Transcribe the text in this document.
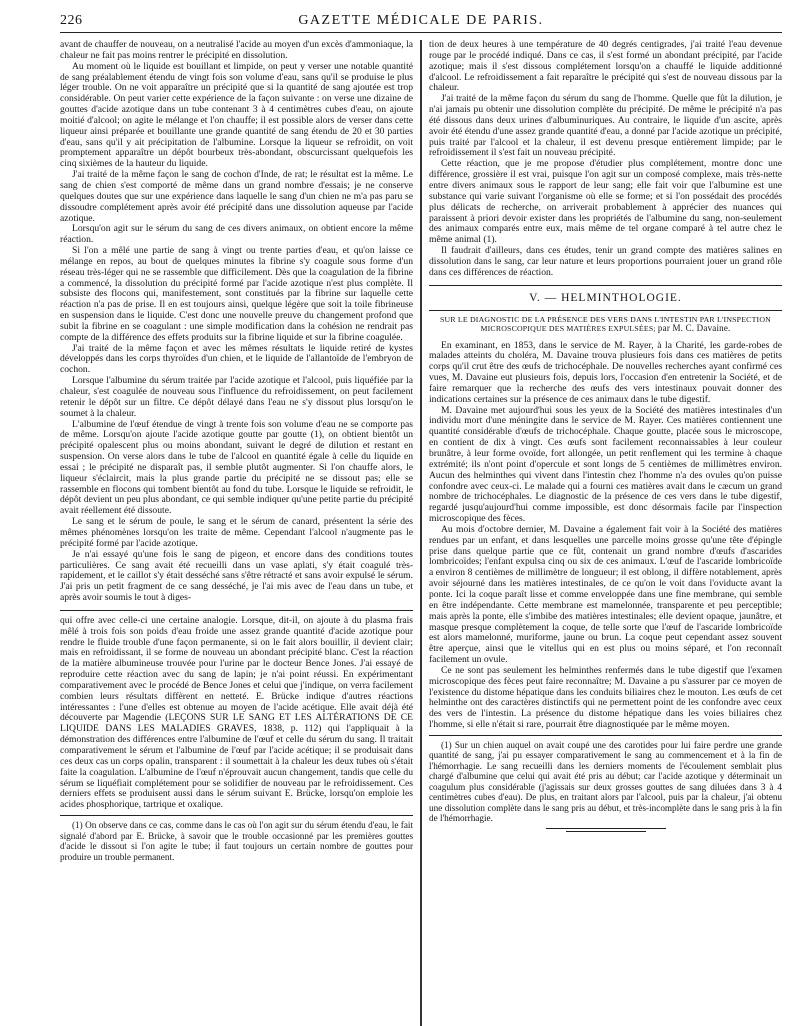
226	GAZETTE MÉDICALE DE PARIS.

avant de chauffer de nouveau, on a neutralisé l'acide au moyen d'un excès d'ammoniaque, la chaleur ne fait pas moins rentrer le précipité en dissolution.

Au moment où le liquide est bouillant et limpide, on peut y verser une notable quantité de sang préalablement étendu de vingt fois son volume d'eau, sans qu'il se produise le plus léger trouble. On ne voit apparaître un précipité que si la quantité de sang ajoutée est trop considérable. On peut varier cette expérience de la façon suivante : on verse une dizaine de gouttes d'acide azotique dans un tube contenant 3 à 4 centimètres cubes d'eau, on ajoute moitié d'alcool; on agite le mélange et l'on chauffe; il est possible alors de verser dans cette liqueur ainsi préparée et bouillante une grande quantité de sang étendu de 20 et 30 parties d'eau, sans qu'il y ait précipitation de l'albumine. Lorsque la liqueur se refroidit, on voit promptement apparaître un dépôt bourbeux très-abondant, obscurcissant quelquefois les cinq sixièmes de la hauteur du liquide.

J'ai traité de la même façon le sang de cochon d'Inde, de rat; le résultat est la même. Le sang de chien s'est comporté de même dans un grand nombre d'essais; je ne conserve quelques doutes que sur une expérience dans laquelle le sang d'un chien ne m'a pas paru se dissoudre complétement après avoir été précipité dans une dissolution aqueuse par l'acide azotique.

Lorsqu'on agit sur le sérum du sang de ces divers animaux, on obtient encore la même réaction.

Si l'on a mêlé une partie de sang à vingt ou trente parties d'eau, et qu'on laisse ce mélange en repos, au bout de quelques minutes la fibrine s'y coagule sous forme d'un réseau très-léger qui ne se rassemble que difficilement. Dès que la coagulation de la fibrine a commencé, la dissolution du précipité formé par l'acide azotique n'est plus complète. Il subsiste des flocons qui, manifestement, sont constitués par la fibrine sur laquelle cette réaction n'a pas de prise. Il en est toujours ainsi, quelque légère que soit la toile fibrineuse en suspension dans le liquide. C'est donc une nouvelle preuve du changement profond que subit la fibrine en se coagulant : une simple modification dans la cohésion ne rendrait pas compte de la différence des effets produits sur la fibrine liquide et sur la fibrine coagulée.

J'ai traité de la même façon et avec les mêmes résultats le liquide retiré de kystes développés dans les corps thyroïdes d'un chien, et le liquide de l'allantoïde de l'embryon de cochon.

Lorsque l'albumine du sérum traitée par l'acide azotique et l'alcool, puis liquéfiée par la chaleur, s'est coagulée de nouveau sous l'influence du refroidissement, on peut facilement retenir le dépôt sur un filtre. Ce dépôt délayé dans l'eau ne s'y dissout plus lorsqu'on le soumet à la chaleur.

L'albumine de l'œuf étendue de vingt à trente fois son volume d'eau ne se comporte pas de même. Lorsqu'on ajoute l'acide azotique goutte par goutte (1), on obtient bientôt un précipité opalescent plus ou moins abondant, suivant le degré de dilution et restant en suspension. On verse alors dans le tube de l'alcool en quantité égale à celle du liquide en essai ; le précipité ne disparaît pas, il semble plutôt augmenter. Si l'on chauffe alors, le liqueur s'éclaircit, mais la plus grande partie du précipité ne se dissout pas; elle se rassemble en flocons qui tombent bientôt au fond du tube. Lorsque le liquide se refroidit, le dépôt devient un peu plus abondant, ce qui semble indiquer qu'une petite partie du précipité avait réellement été dissoute.

Le sang et le sérum de poule, le sang et le sérum de canard, présentent la série des mêmes phénomènes lorsqu'on les traite de même. Cependant l'alcool n'augmente pas le précipité formé par l'acide azotique.

Je n'ai essayé qu'une fois le sang de pigeon, et encore dans des conditions toutes particulières. Ce sang avait été recueilli dans un vase aplati, s'y était coagulé très-rapidement, et le caillot s'y était desséché sans s'être rétracté et sans avoir expulsé le sérum. J'ai pris un petit fragment de ce sang desséché, je l'ai mis avec de l'eau dans un tube, et après avoir soumis le tout à diges-

qui offre avec celle-ci une certaine analogie. Lorsque, dit-il, on ajoute à du plasma frais mêlé à trois fois son poids d'eau froide une assez grande quantité d'acide azotique pour rendre le fluide trouble d'une façon permanente, si on le fait alors bouillir, il devient clair; mais en refroidissant, il se forme de nouveau un abondant précipité blanc. C'est la réaction de la matière albumineuse trouvée pour l'urine par le docteur Bence Jones. J'ai essayé de reproduire cette réaction avec du sang de lapin; je n'ai point réussi. En expérimentant comparativement avec le procédé de Bence Jones et celui que j'indique, on verra facilement combien leurs résultats diffèrent en netteté. E. Brücke indique d'autres réactions intéressantes : l'une d'elles est obtenue au moyen de l'acide acétique. Elle avait déjà été découverte par Magendie (LEÇONS SUR LE SANG ET LES ALTÉRATIONS DE CE LIQUIDE DANS LES MALADIES GRAVES, 1838, p. 112) qui l'appliquait à la démonstration des différences entre l'albumine de l'œuf et celle du sérum du sang. Il traitait comparativement le sérum et l'albumine de l'œuf par l'acide acétique; il se produisait dans ces deux cas un corps opalin, transparent : il soumettait à la chaleur les deux tubes où s'était faite la coagulation. L'albumine de l'œuf n'éprouvait aucun changement, tandis que celle du sérum se liquéfiait complétement pour se solidifier de nouveau par le refroidissement. Ces derniers effets se produisent aussi dans le sérum suivant E. Brücke, lorsqu'on emploie les acides phosphorique, tartrique et oxalique.

(1) On observe dans ce cas, comme dans le cas où l'on agit sur du sérum étendu d'eau, le fait signalé d'abord par E. Brücke, à savoir que le trouble occasionné par les premières gouttes d'acide le dissout si l'on agite le tube; il faut toujours un certain nombre de gouttes pour produire un trouble permanent.

tion de deux heures à une température de 40 degrés centigrades, j'ai traité l'eau devenue rouge par le procédé indiqué. Dans ce cas, il s'est formé un abondant précipité, par l'acide azotique; mais il s'est dissous complétement lorsqu'on a chauffé le liquide additionné d'alcool. Le refroidissement a fait reparaître le précipité qui s'est de nouveau dissous par la chaleur.

J'ai traité de la même façon du sérum du sang de l'homme. Quelle que fût la dilution, je n'ai jamais pu obtenir une dissolution complète du précipité. De même le précipité n'a pas été dissous dans deux urines d'albuminuriques. Au contraire, le liquide d'un ascite, après avoir été étendu d'une assez grande quantité d'eau, a donné par l'acide azotique un précipité, puis traité par l'alcool et la chaleur, il est devenu presque entièrement limpide; par le refroidissement il s'est fait un nouveau précipité.

Cette réaction, que je me propose d'étudier plus complétement, montre donc une différence, grossière il est vrai, puisque l'on agit sur un composé complexe, mais très-nette entre divers animaux sous le rapport de leur sang; elle fait voir que l'albumine est une substance qui varie suivant l'organisme où elle se forme; et si l'on possédait des procédés plus délicats de recherche, on arriverait probablement à apprécier des nuances qui paraissent à priori devoir exister dans les propriétés de l'albumine du sang, non-seulement des animaux comparés entre eux, mais même de tel organe comparé à tel autre chez le même animal (1).

Il faudrait d'ailleurs, dans ces études, tenir un grand compte des matières salines en dissolution dans le sang, car leur nature et leurs proportions pourraient jouer un grand rôle dans ces différences de réaction.

V. — HELMINTHOLOGIE.
SUR LE DIAGNOSTIC DE LA PRÉSENCE DES VERS DANS L'INTESTIN PAR L'INSPECTION MICROSCOPIQUE DES MATIÈRES EXPULSÉES; par M. C. Davaine.

En examinant, en 1853, dans le service de M. Rayer, à la Charité, les garde-robes de malades atteints du choléra, M. Davaine trouva plusieurs fois dans ces matières de petits corps qu'il crut être des œufs de trichocéphale. De nouvelles recherches ayant confirmé ces vues, M. Davaine eut plusieurs fois, depuis lors, l'occasion d'en entretenir la Société, et de faire remarquer que la recherche des œufs des vers intestinaux pouvait donner des indications certaines sur la présence de ces animaux dans le tube digestif.

M. Davaine met aujourd'hui sous les yeux de la Société des matières intestinales d'un individu mort d'une méningite dans le service de M. Rayer. Ces matières contiennent une quantité considérable d'œufs de trichocéphale. Chaque goutte, placée sous le microscope, en contient de dix à vingt. Ces œufs sont facilement reconnaissables à leur couleur brunâtre, à leur forme ovoïde, fort allongée, un petit renflement qui les termine à chaque extrémité; ils n'ont point d'opercule et sont longs de 5 centièmes de millimètres environ. Aucun des helminthes qui vivent dans l'intestin chez l'homme n'a des ovules qu'on puisse confondre avec ceux-ci. Le malade qui a fourni ces matières avait dans le cæcum un grand nombre de trichocéphales. Le diagnostic de la présence de ces vers dans le tube digestif, regardé jusqu'aujourd'hui comme impossible, est donc désormais facile par l'inspection microscopique des fèces.

Au mois d'octobre dernier, M. Davaine a également fait voir à la Société des matières rendues par un enfant, et dans lesquelles une parcelle moins grosse qu'une tête d'épingle prise dans quelque partie que ce fût, contenait un grand nombre d'œufs d'ascarides lombricoïdes; l'enfant expulsa cinq ou six de ces animaux. L'œuf de l'ascaride lombricoïde a environ 8 centièmes de millimètre de longueur; il est oblong, il diffère notablement, après avoir séjourné dans les matières intestinales, de ce qu'on le voit dans l'oviducte avant la ponte. Ici la coque paraît lisse et comme enveloppée dans une fine membrane, qui semble en être indépendante. Cette membrane est mamelonnée, transparente et peu perceptible; mais après la ponte, elle s'imbibe des matières intestinales; elle devient opaque, jaunâtre, et masque presque complètement la coque, de telle sorte que l'œuf de l'ascaride lombricoïde est alors mamelonné, muriforme, jaune ou brun. La coque peut cependant assez souvent être aperçue, ainsi que le vitellus qui en est plus ou moins séparé, et l'on reconnaît facilement un ovule.

Ce ne sont pas seulement les helminthes renfermés dans le tube digestif que l'examen microscopique des fèces peut faire reconnaître; M. Davaine a pu s'assurer par ce moyen de l'existence du distome hépatique dans les conduits biliaires chez le mouton. Les œufs de cet helminthe ont des caractères distinctifs qui ne permettent point de les confondre avec ceux des vers de l'intestin. La présence du distome hépatique dans les voies biliaires chez l'homme, si elle n'était si rare, pourrait être diagnostiquée par le même moyen.

(1) Sur un chien auquel on avait coupé une des carotides pour lui faire perdre une grande quantité de sang, j'ai pu essayer comparativement le sang au commencement et à la fin de l'hémorrhagie. Le sang recueilli dans les derniers moments de l'écoulement semblait plus chargé d'albumine que celui qui avait été pris au début; car l'acide azotique y déterminait un coagulum plus considérable (j'agissais sur deux grosses gouttes de sang diluées dans 3 à 4 centimètres cubes d'eau). De plus, en traitant alors par l'alcool, puis par la chaleur, j'ai obtenu une dissolution complète dans le sang pris au début, et très-incomplète dans le sang pris à la fin de l'hémorrhagie.
